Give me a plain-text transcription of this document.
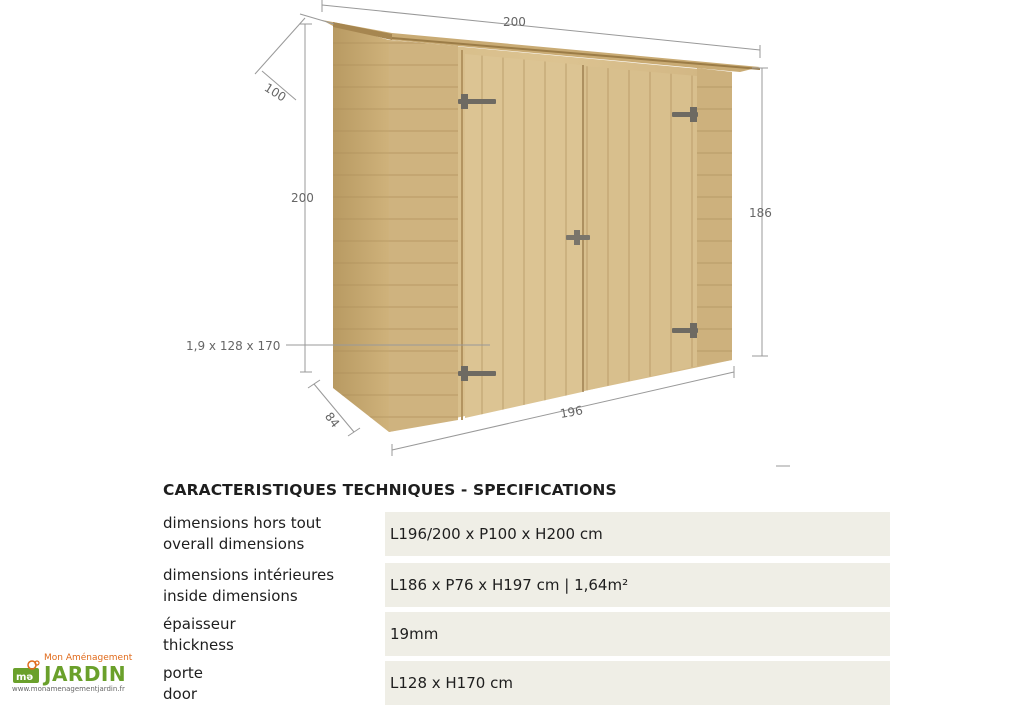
200
100
200
186
196
84
1,9 x 128 x 170
CARACTERISTIQUES TECHNIQUES - SPECIFICATIONS
dimensions hors tout
overall dimensions
L196/200 x P100 x H200 cm
dimensions intérieures
inside dimensions
L186 x P76 x H197 cm | 1,64m²
épaisseur
thickness
19mm
porte
door
L128 x H170 cm
mə
Mon Aménagement
JARDIN
www.monamenagementjardin.fr
